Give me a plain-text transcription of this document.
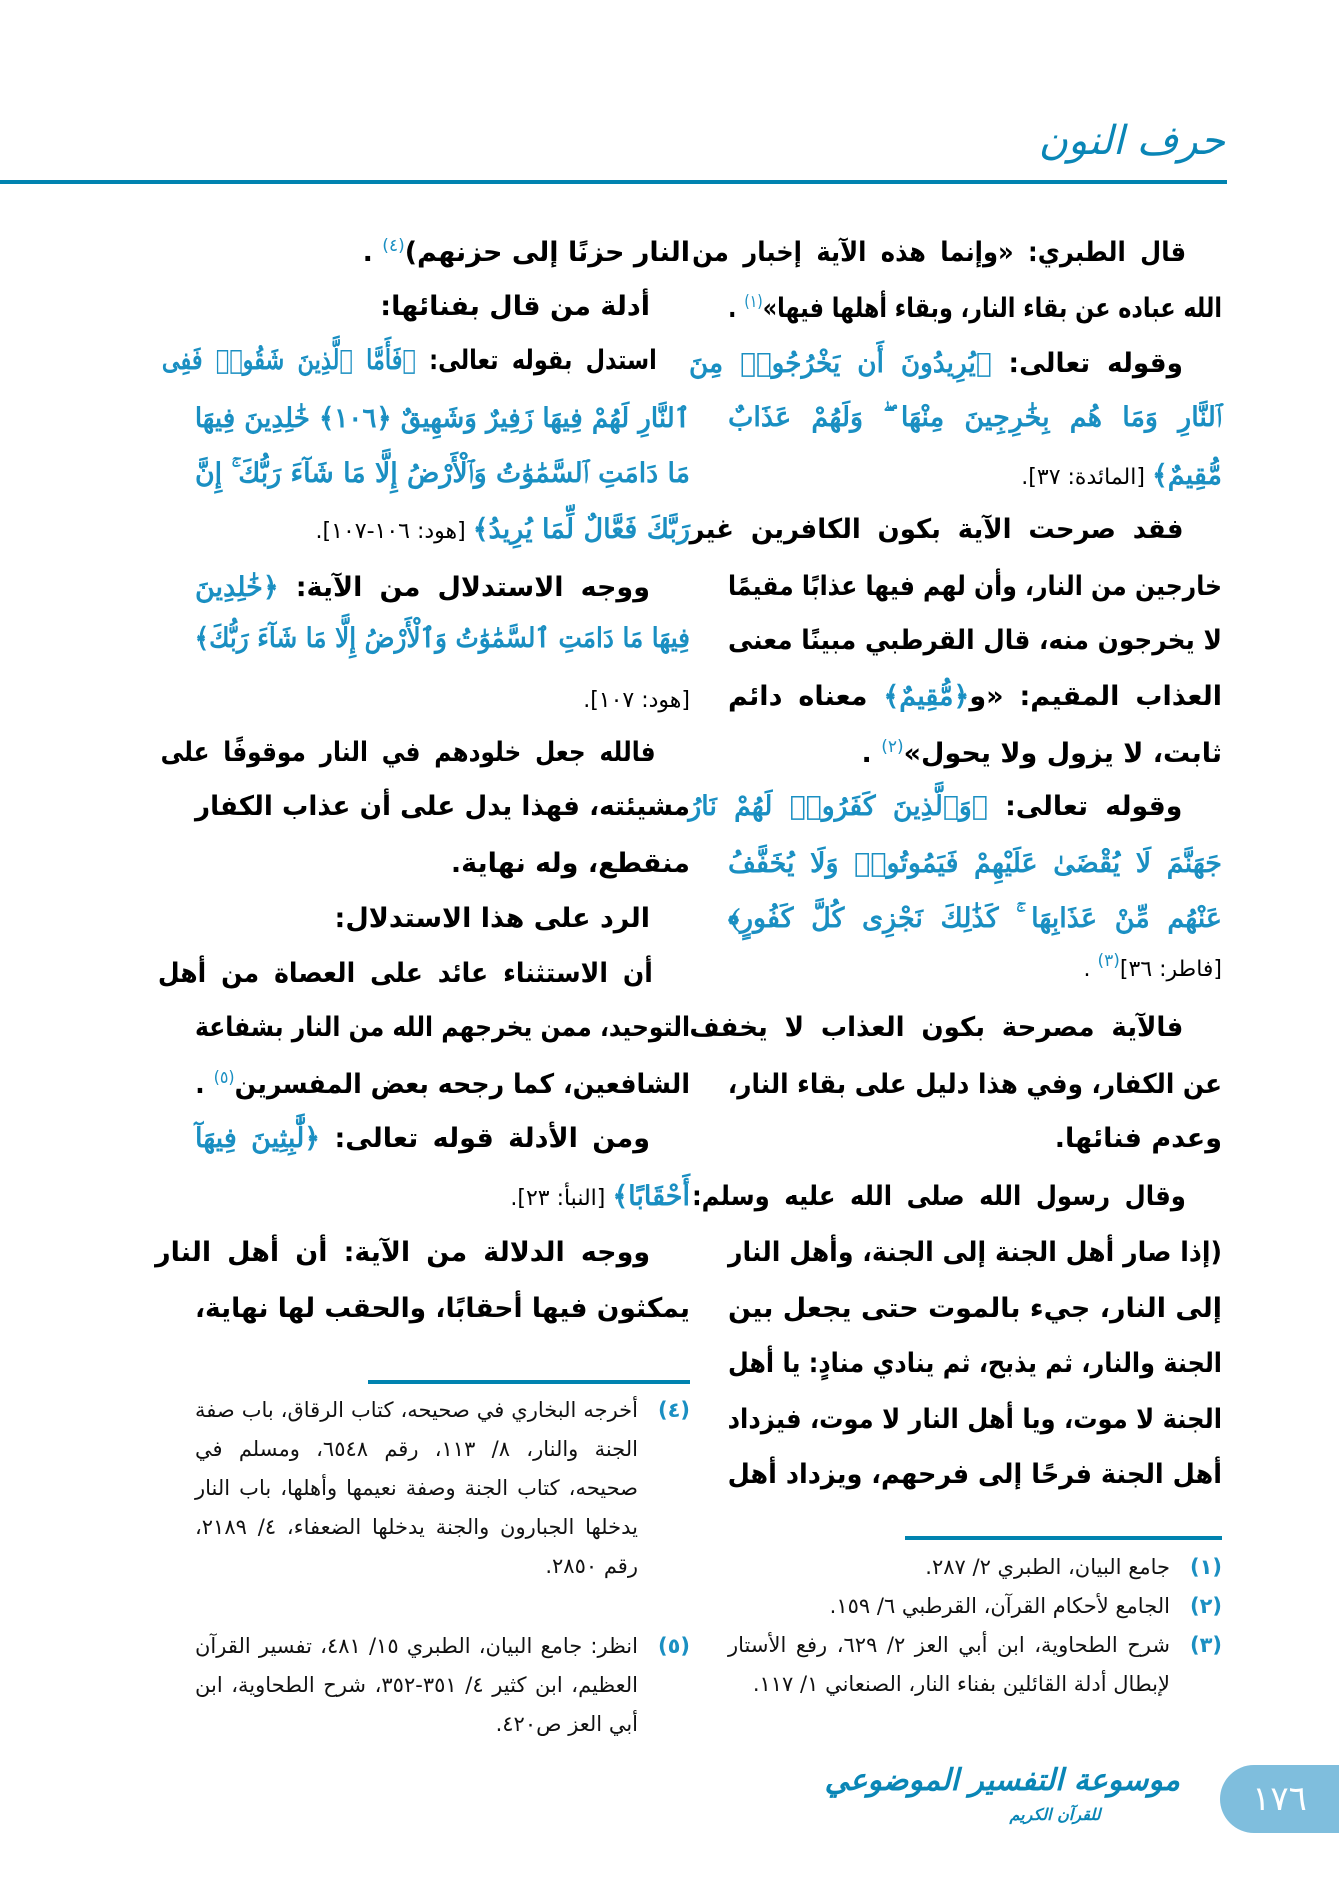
حرف النون
قال الطبري: «وإنما هذه الآية إخبار من
الله عباده عن بقاء النار، وبقاء أهلها فيها»$^{(١)}$ .
وقوله تعالى: ﴿يُرِيدُونَ أَن يَخْرُجُوا۟ مِنَ
ٱلنَّارِ وَمَا هُم بِخَٰرِجِينَ مِنْهَا ۖ وَلَهُمْ عَذَابٌ
مُّقِيمٌ﴾ [المائدة: ٣٧].
فقد صرحت الآية بكون الكافرين غير
خارجين من النار، وأن لهم فيها عذابًا مقيمًا
لا يخرجون منه، قال القرطبي مبينًا معنى
العذاب المقيم: «و﴿مُّقِيمٌ﴾ معناه دائم
ثابت، لا يزول ولا يحول»$^{(٢)}$ .
وقوله تعالى: ﴿وَٱلَّذِينَ كَفَرُوا۟ لَهُمْ نَارُ
جَهَنَّمَ لَا يُقْضَىٰ عَلَيْهِمْ فَيَمُوتُوا۟ وَلَا يُخَفَّفُ
عَنْهُم مِّنْ عَذَابِهَا ۚ كَذَٰلِكَ نَجْزِى كُلَّ كَفُورٍ﴾
[فاطر: ٣٦]$^{(٣)}$ .
فالآية مصرحة بكون العذاب لا يخفف
عن الكفار، وفي هذا دليل على بقاء النار،
وعدم فنائها.
وقال رسول الله صلى الله عليه وسلم:
(إذا صار أهل الجنة إلى الجنة، وأهل النار
إلى النار، جيء بالموت حتى يجعل بين
الجنة والنار، ثم يذبح، ثم ينادي منادٍ: يا أهل
الجنة لا موت، ويا أهل النار لا موت، فيزداد
أهل الجنة فرحًا إلى فرحهم، ويزداد أهل
النار حزنًا إلى حزنهم)$^{(٤)}$ .
أدلة من قال بفنائها:
استدل بقوله تعالى: ﴿فَأَمَّا ٱلَّذِينَ شَقُوا۟ فَفِى
ٱلنَّارِ لَهُمْ فِيهَا زَفِيرٌ وَشَهِيقٌ ﴿١٠٦﴾ خَٰلِدِينَ فِيهَا
مَا دَامَتِ ٱلسَّمَٰوَٰتُ وَٱلْأَرْضُ إِلَّا مَا شَآءَ رَبُّكَ ۚ إِنَّ
رَبَّكَ فَعَّالٌ لِّمَا يُرِيدُ﴾ [هود: ١٠٦-١٠٧].
ووجه الاستدلال من الآية: ﴿خَٰلِدِينَ
فِيهَا مَا دَامَتِ ٱلسَّمَٰوَٰتُ وَٱلْأَرْضُ إِلَّا مَا شَآءَ رَبُّكَ﴾
[هود: ١٠٧].
فالله جعل خلودهم في النار موقوفًا على
مشيئته، فهذا يدل على أن عذاب الكفار
منقطع، وله نهاية.
الرد على هذا الاستدلال:
أن الاستثناء عائد على العصاة من أهل
التوحيد، ممن يخرجهم الله من النار بشفاعة
الشافعين، كما رجحه بعض المفسرين$^{(٥)}$ .
ومن الأدلة قوله تعالى: ﴿لَّٰبِثِينَ فِيهَآ
أَحْقَابًا﴾ [النبأ: ٢٣].
ووجه الدلالة من الآية: أن أهل النار
يمكثون فيها أحقابًا، والحقب لها نهاية،
(١)
جامع البيان، الطبري ٢/ ٢٨٧.
(٢)
الجامع لأحكام القرآن، القرطبي ٦/ ١٥٩.
(٣)
شرح الطحاوية، ابن أبي العز ٢/ ٦٢٩، رفع الأستار لإبطال أدلة القائلين بفناء النار، الصنعاني ١/ ١١٧.
(٤)
أخرجه البخاري في صحيحه، كتاب الرقاق، باب صفة الجنة والنار، ٨/ ١١٣، رقم ٦٥٤٨، ومسلم في صحيحه، كتاب الجنة وصفة نعيمها وأهلها، باب النار يدخلها الجبارون والجنة يدخلها الضعفاء، ٤/ ٢١٨٩، رقم ٢٨٥٠.
(٥)
انظر: جامع البيان، الطبري ١٥/ ٤٨١، تفسير القرآن العظيم، ابن كثير ٤/ ٣٥١-٣٥٢، شرح الطحاوية، ابن أبي العز ص٤٢٠.
موسوعة التفسير الموضوعي
للقرآن الكريم	١٧٦
